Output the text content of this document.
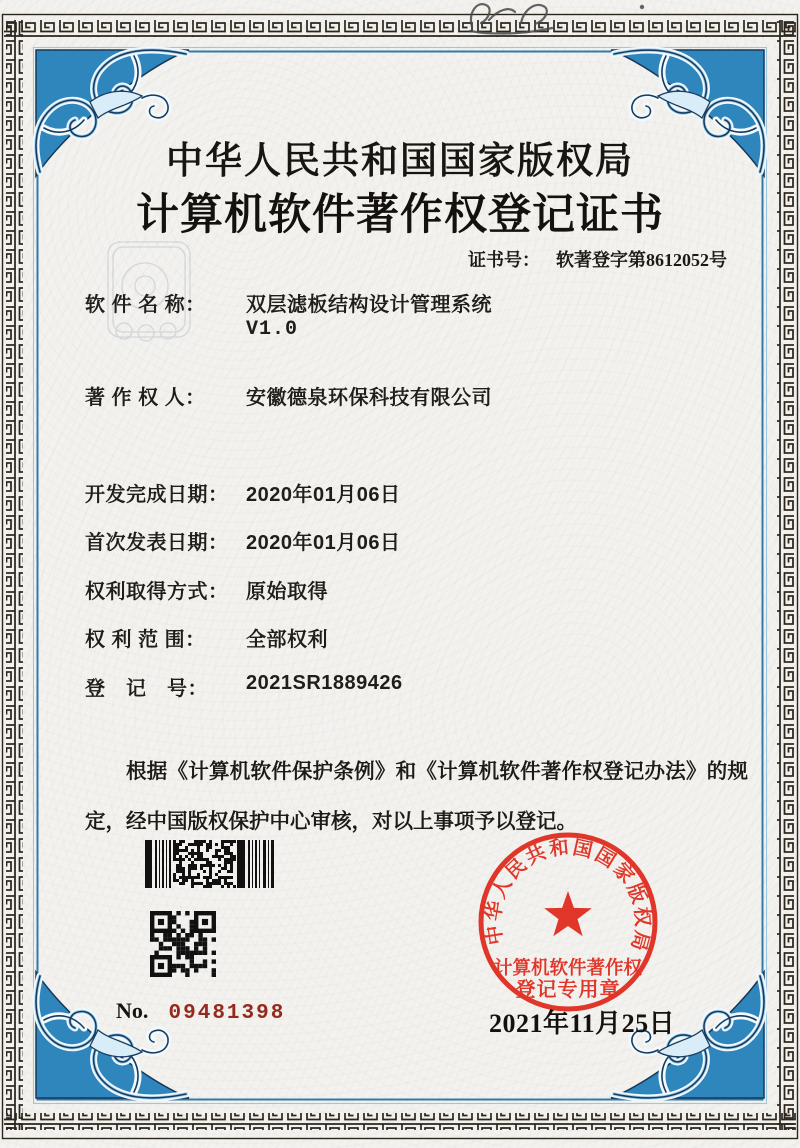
中华人民共和国国家版权局
计算机软件著作权登记证书
证书号： 软著登字第8612052号
软 件 名 称： 双层滤板结构设计管理系统
V1.0
著 作 权 人： 安徽德泉环保科技有限公司
开发完成日期： 2020年01月06日
首次发表日期： 2020年01月06日
权利取得方式： 原始取得
权 利 范 围： 全部权利
登　记　号： 2021SR1889426

根据《计算机软件保护条例》和《计算机软件著作权登记办法》的规定，经中国版权保护中心审核，对以上事项予以登记。

No. 09481398
中华人民共和国国家版权局
计算机软件著作权
登记专用章
2021年11月25日
